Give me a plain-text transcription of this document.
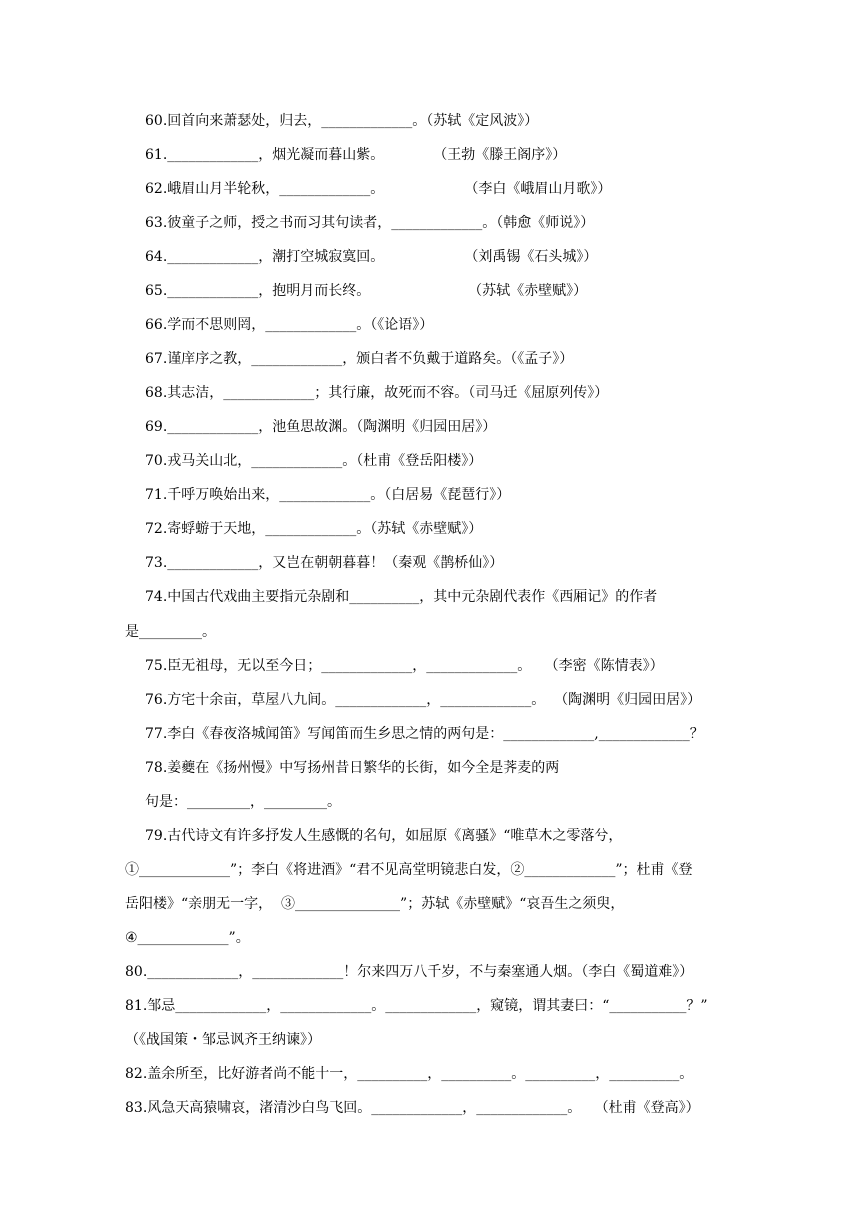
60.回首向来萧瑟处，归去，_____________。（苏轼《定风波》）
61._____________，烟光凝而暮山紫。           （王勃《滕王阁序》）
62.峨眉山月半轮秋，_____________。                  （李白《峨眉山月歌》）
63.彼童子之师，授之书而习其句读者，_____________。（韩愈《师说》）
64._____________，潮打空城寂寞回。                  （刘禹锡《石头城》）
65._____________，抱明月而长终。                      （苏轼《赤壁赋》）
66.学而不思则罔，_____________。（《论语》）
67.谨庠序之教，_____________，颁白者不负戴于道路矣。（《孟子》）
68.其志洁，_____________；其行廉，故死而不容。（司马迁《屈原列传》）
69._____________，池鱼思故渊。（陶渊明《归园田居》）
70.戎马关山北，_____________。（杜甫《登岳阳楼》）
71.千呼万唤始出来，_____________。（白居易《琵琶行》）
72.寄蜉蝣于天地，_____________。（苏轼《赤壁赋》）
73._____________，又岂在朝朝暮暮！（秦观《鹊桥仙》）
74.中国古代戏曲主要指元杂剧和__________，其中元杂剧代表作《西厢记》的作者
是_________。
75.臣无祖母，无以至今日；_____________，_____________。   （李密《陈情表》）
76.方宅十余亩，草屋八九间。_____________，_____________。  （陶渊明《归园田居》）
77.李白《春夜洛城闻笛》写闻笛而生乡思之情的两句是：_____________,_____________？
78.姜夔在《扬州慢》中写扬州昔日繁华的长街，如今全是荠麦的两
句是：_________，_________。
79.古代诗文有许多抒发人生感慨的名句，如屈原《离骚》“唯草木之零落兮，
①_____________”；李白《将进酒》“君不见高堂明镜悲白发，②_____________”；杜甫《登
岳阳楼》“亲朋无一字，  ③_______________”；苏轼《赤壁赋》“哀吾生之须臾，
④_____________”。
80._____________，_____________！尔来四万八千岁，不与秦塞通人烟。（李白《蜀道难》）
81.邹忌_____________，_____________。_____________，窥镜，谓其妻曰：“___________？”
（《战国策・邹忌讽齐王纳谏》）
82.盖余所至，比好游者尚不能十一，__________，__________。__________，__________。
83.风急天高猿啸哀，渚清沙白鸟飞回。_____________，_____________。   （杜甫《登高》）
